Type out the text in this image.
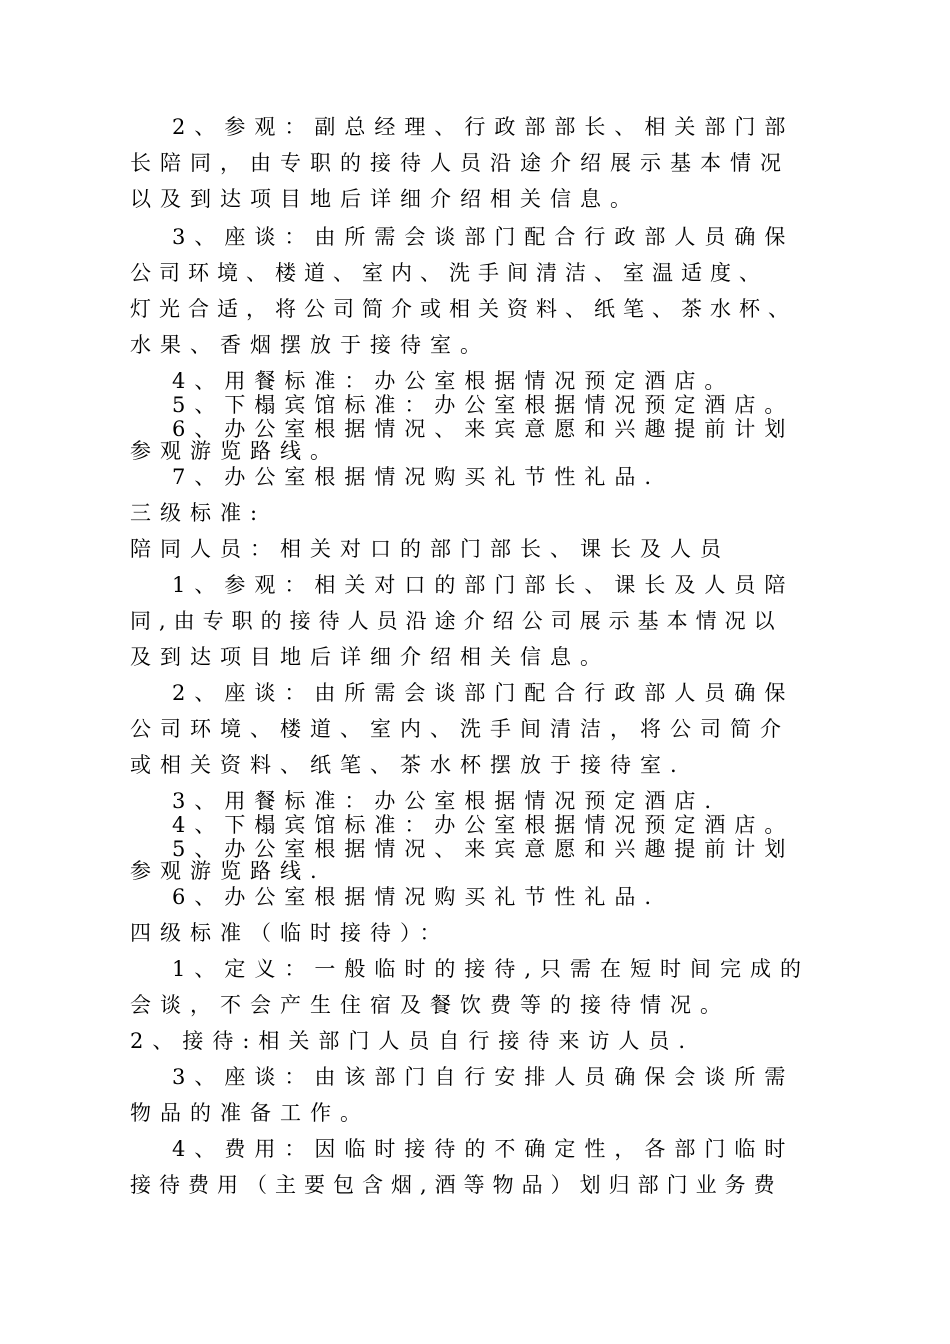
2、参观：副总经理、行政部部长、相关部门部
长陪同，由专职的接待人员沿途介绍展示基本情况
以及到达项目地后详细介绍相关信息。
3、座谈：由所需会谈部门配合行政部人员确保
公司环境、楼道、室内、洗手间清洁、室温适度、
灯光合适，将公司简介或相关资料、纸笔、茶水杯、
水果、香烟摆放于接待室。
4、用餐标准：办公室根据情况预定酒店。
5、下榻宾馆标准：办公室根据情况预定酒店。
6、办公室根据情况、来宾意愿和兴趣提前计划
参观游览路线。
7、办公室根据情况购买礼节性礼品.
三级标准:
陪同人员：相关对口的部门部长、课长及人员
1、参观：相关对口的部门部长、课长及人员陪
同,由专职的接待人员沿途介绍公司展示基本情况以
及到达项目地后详细介绍相关信息。
2、座谈：由所需会谈部门配合行政部人员确保
公司环境、楼道、室内、洗手间清洁，将公司简介
或相关资料、纸笔、茶水杯摆放于接待室.
3、用餐标准：办公室根据情况预定酒店.
4、下榻宾馆标准：办公室根据情况预定酒店。
5、办公室根据情况、来宾意愿和兴趣提前计划
参观游览路线.
6、办公室根据情况购买礼节性礼品.
四级标准（临时接待）：
1、定义：一般临时的接待,只需在短时间完成的
会谈，不会产生住宿及餐饮费等的接待情况。
2、接待:相关部门人员自行接待来访人员.
3、座谈：由该部门自行安排人员确保会谈所需
物品的准备工作。
4、费用：因临时接待的不确定性，各部门临时
接待费用（主要包含烟,酒等物品）划归部门业务费
